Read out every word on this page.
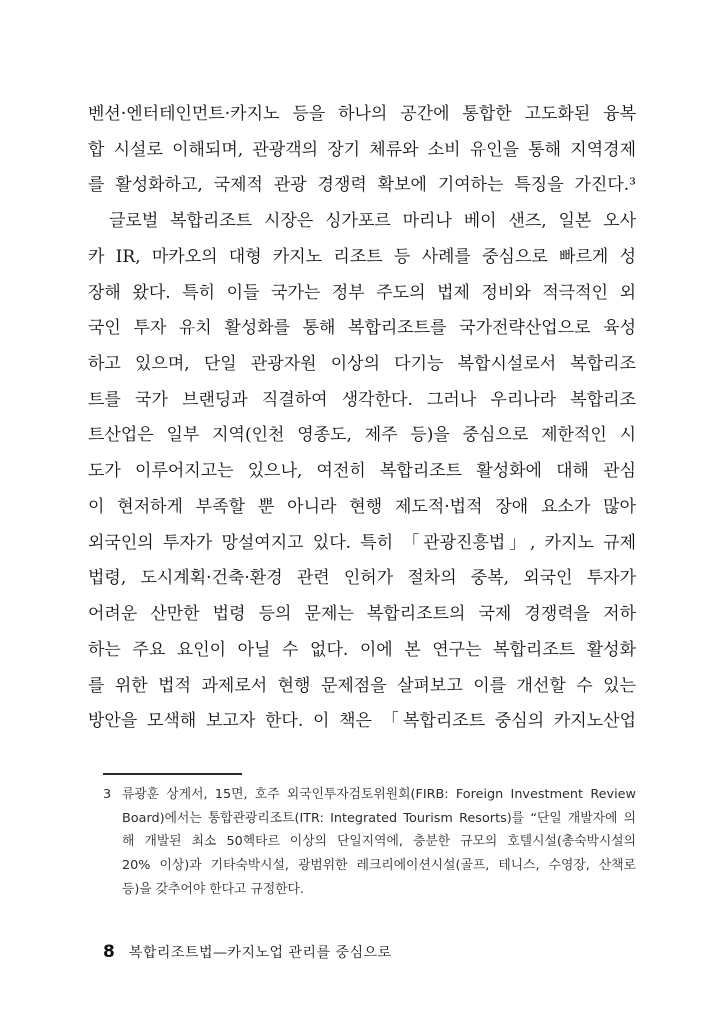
벤션·엔터테인먼트·카지노 등을 하나의 공간에 통합한 고도화된 융복
합 시설로 이해되며, 관광객의 장기 체류와 소비 유인을 통해 지역경제
를 활성화하고, 국제적 관광 경쟁력 확보에 기여하는 특징을 가진다.³
글로벌 복합리조트 시장은 싱가포르 마리나 베이 샌즈, 일본 오사
카 IR, 마카오의 대형 카지노 리조트 등 사례를 중심으로 빠르게 성
장해 왔다. 특히 이들 국가는 정부 주도의 법제 정비와 적극적인 외
국인 투자 유치 활성화를 통해 복합리조트를 국가전략산업으로 육성
하고 있으며, 단일 관광자원 이상의 다기능 복합시설로서 복합리조
트를 국가 브랜딩과 직결하여 생각한다. 그러나 우리나라 복합리조
트산업은 일부 지역(인천 영종도, 제주 등)을 중심으로 제한적인 시
도가 이루어지고는 있으나, 여전히 복합리조트 활성화에 대해 관심
이 현저하게 부족할 뿐 아니라 현행 제도적·법적 장애 요소가 많아
외국인의 투자가 망설여지고 있다. 특히 「관광진흥법」, 카지노 규제
법령, 도시계획·건축·환경 관련 인허가 절차의 중복, 외국인 투자가
어려운 산만한 법령 등의 문제는 복합리조트의 국제 경쟁력을 저하
하는 주요 요인이 아닐 수 없다. 이에 본 연구는 복합리조트 활성화
를 위한 법적 과제로서 현행 문제점을 살펴보고 이를 개선할 수 있는
방안을 모색해 보고자 한다. 이 책은 「복합리조트 중심의 카지노산업
3 류광훈 상게서, 15면, 호주 외국인투자검토위원회(FIRB: Foreign Investment Review
Board)에서는 통합관광리조트(ITR: Integrated Tourism Resorts)를 “단일 개발자에 의
해 개발된 최소 50헥타르 이상의 단일지역에, 충분한 규모의 호텔시설(총숙박시설의
20% 이상)과 기타숙박시설, 광범위한 레크리에이션시설(골프, 테니스, 수영장, 산책로
등)을 갖추어야 한다고 규정한다.
8 복합리조트법—카지노업 관리를 중심으로
